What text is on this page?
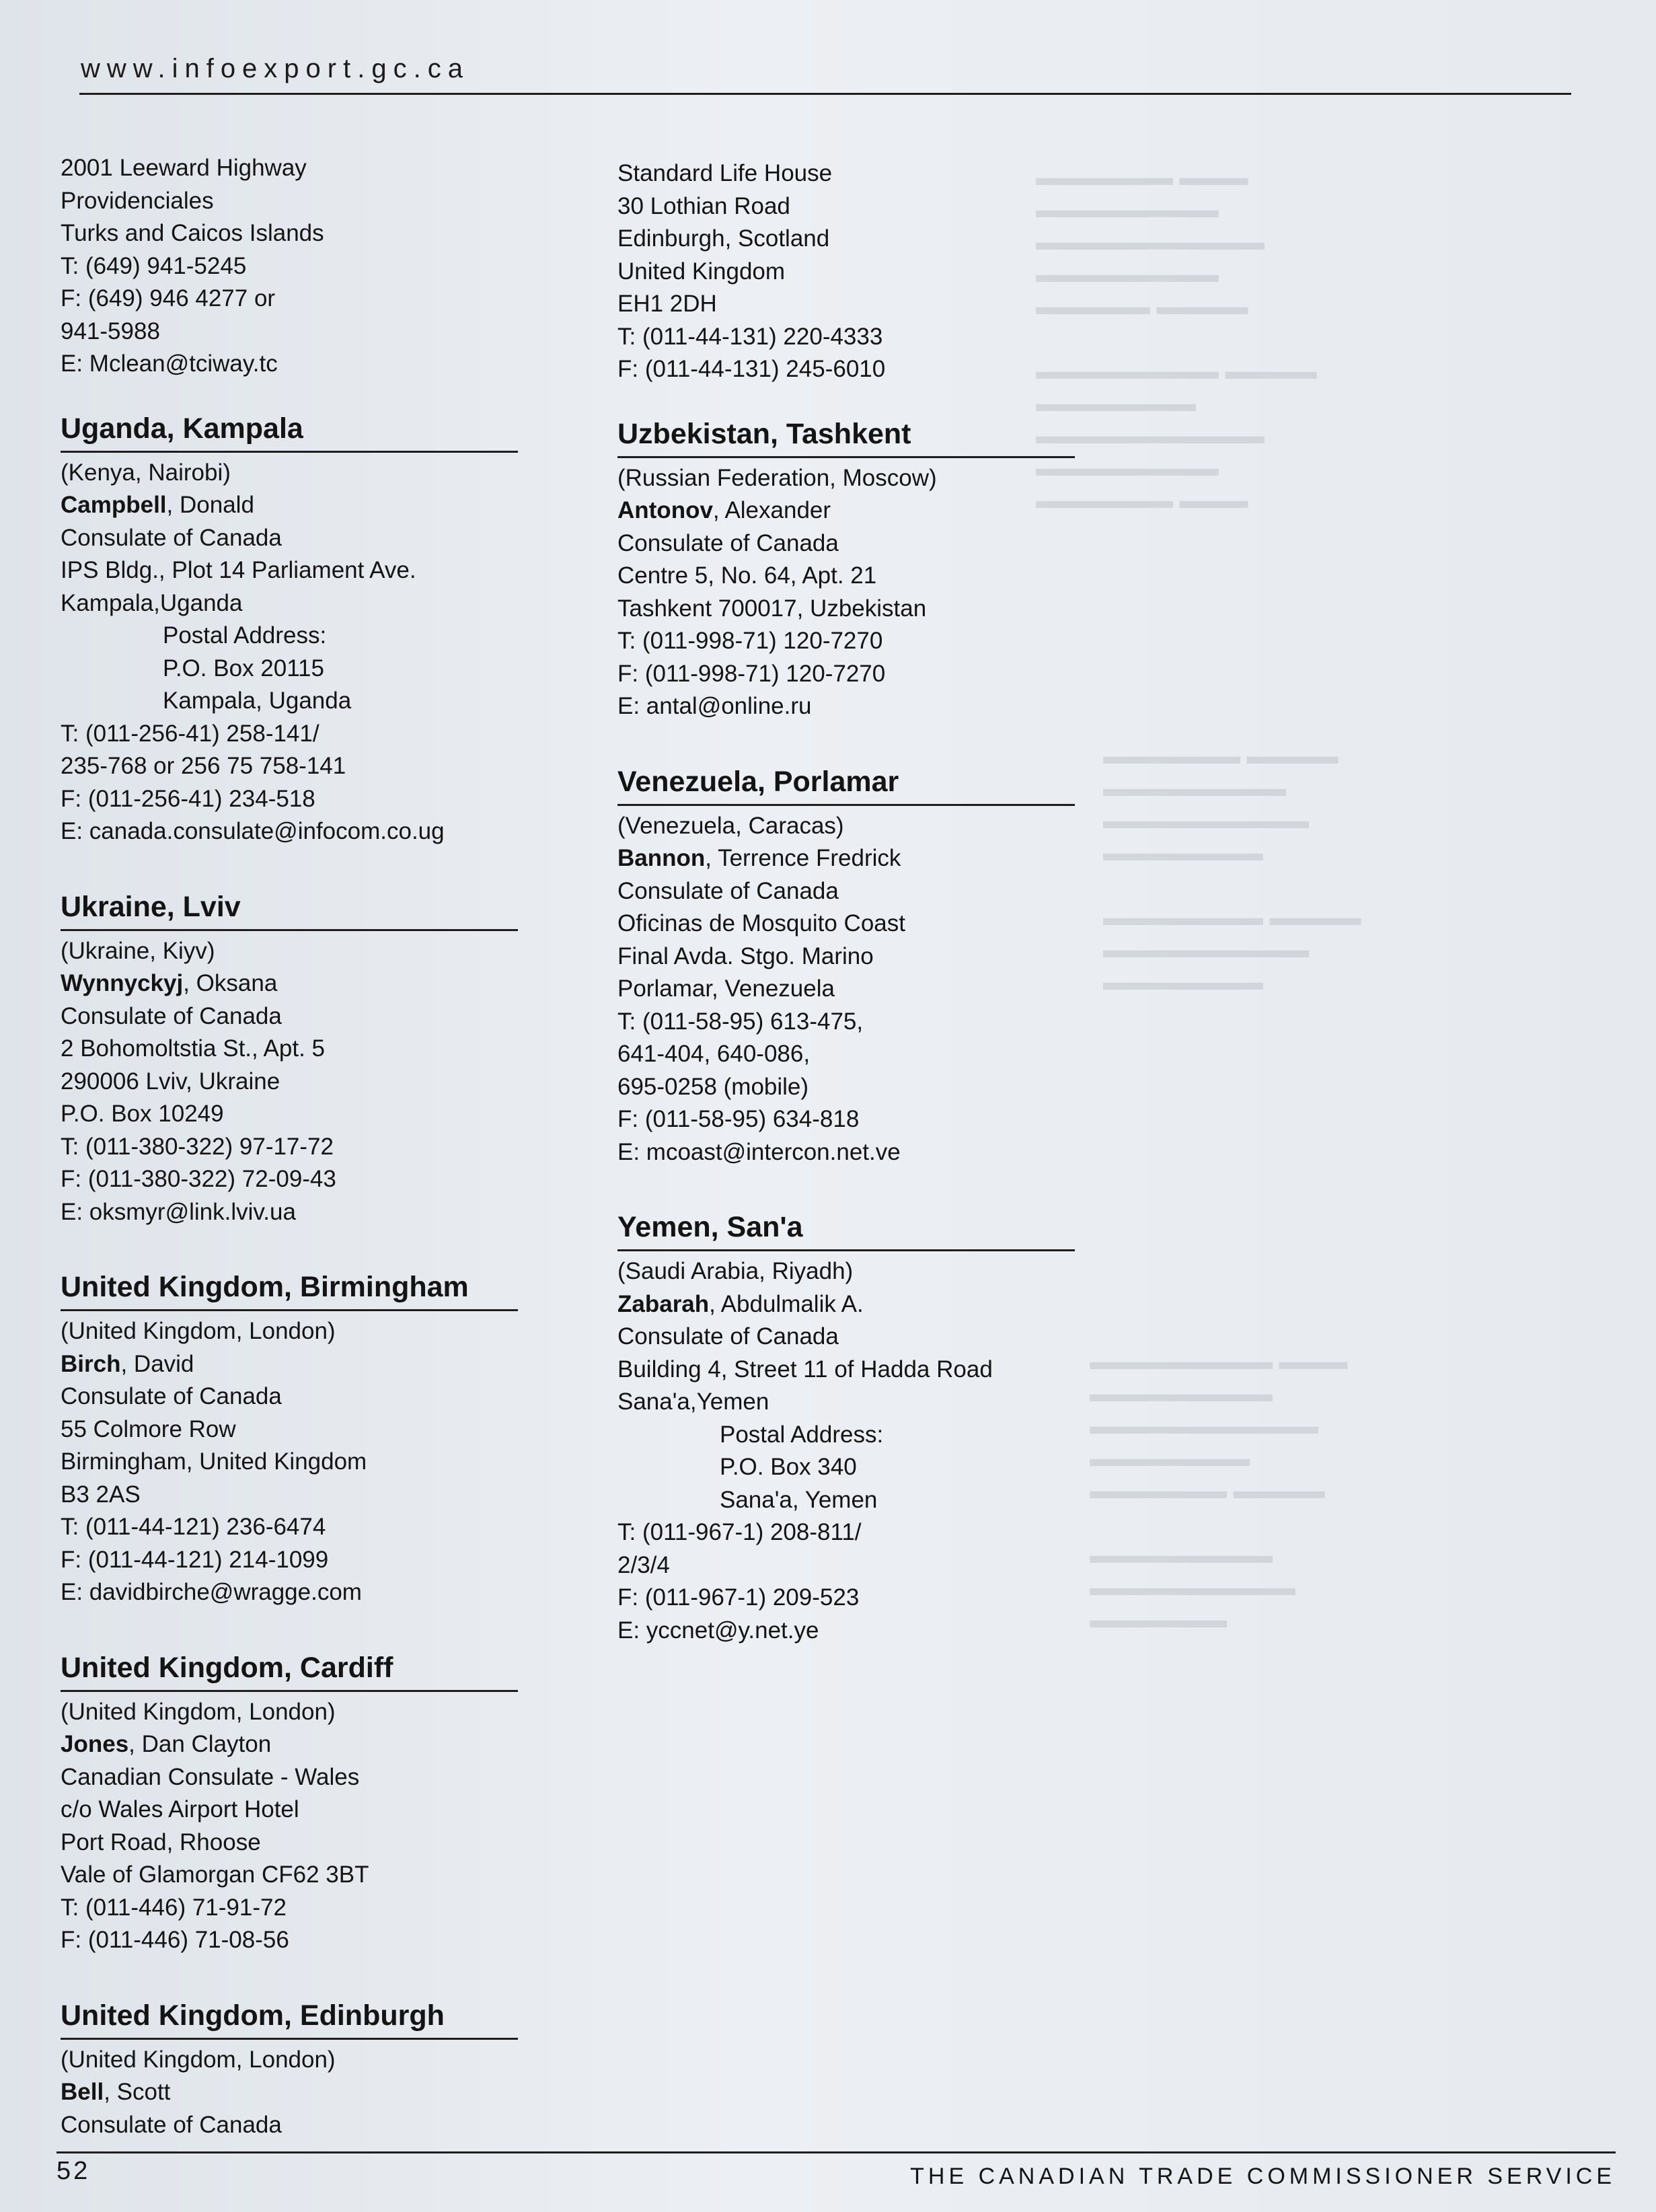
www.infoexport.gc.ca
2001 Leeward Highway
Providenciales
Turks and Caicos Islands
T: (649) 941-5245
F: (649) 946 4277 or
941-5988
E: Mclean@tciway.tc
Uganda, Kampala
(Kenya, Nairobi)
Campbell, Donald
Consulate of Canada
IPS Bldg., Plot 14 Parliament Ave.
Kampala,Uganda
Postal Address:
P.O. Box 20115
Kampala, Uganda
T: (011-256-41) 258-141/
235-768 or 256 75 758-141
F: (011-256-41) 234-518
E: canada.consulate@infocom.co.ug
Ukraine, Lviv
(Ukraine, Kiyv)
Wynnyckyj, Oksana
Consulate of Canada
2 Bohomoltstia St., Apt. 5
290006 Lviv, Ukraine
P.O. Box 10249
T: (011-380-322) 97-17-72
F: (011-380-322) 72-09-43
E: oksmyr@link.lviv.ua
United Kingdom, Birmingham
(United Kingdom, London)
Birch, David
Consulate of Canada
55 Colmore Row
Birmingham, United Kingdom
B3 2AS
T: (011-44-121) 236-6474
F: (011-44-121) 214-1099
E: davidbirche@wragge.com
United Kingdom, Cardiff
(United Kingdom, London)
Jones, Dan Clayton
Canadian Consulate - Wales
c/o Wales Airport Hotel
Port Road, Rhoose
Vale of Glamorgan CF62 3BT
T: (011-446) 71-91-72
F: (011-446) 71-08-56
United Kingdom, Edinburgh
(United Kingdom, London)
Bell, Scott
Consulate of Canada
Standard Life House
30 Lothian Road
Edinburgh, Scotland
United Kingdom
EH1 2DH
T: (011-44-131) 220-4333
F: (011-44-131) 245-6010
Uzbekistan, Tashkent
(Russian Federation, Moscow)
Antonov, Alexander
Consulate of Canada
Centre 5, No. 64, Apt. 21
Tashkent 700017, Uzbekistan
T: (011-998-71) 120-7270
F: (011-998-71) 120-7270
E: antal@online.ru
Venezuela, Porlamar
(Venezuela, Caracas)
Bannon, Terrence Fredrick
Consulate of Canada
Oficinas de Mosquito Coast
Final Avda. Stgo. Marino
Porlamar, Venezuela
T: (011-58-95) 613-475,
641-404, 640-086,
695-0258 (mobile)
F: (011-58-95) 634-818
E: mcoast@intercon.net.ve
Yemen, San'a
(Saudi Arabia, Riyadh)
Zabarah, Abdulmalik A.
Consulate of Canada
Building 4, Street 11 of Hadda Road
Sana'a,Yemen
Postal Address:
P.O. Box 340
Sana'a, Yemen
T: (011-967-1) 208-811/
2/3/4
F: (011-967-1) 209-523
E: yccnet@y.net.ye
52	THE CANADIAN TRADE COMMISSIONER SERVICE
